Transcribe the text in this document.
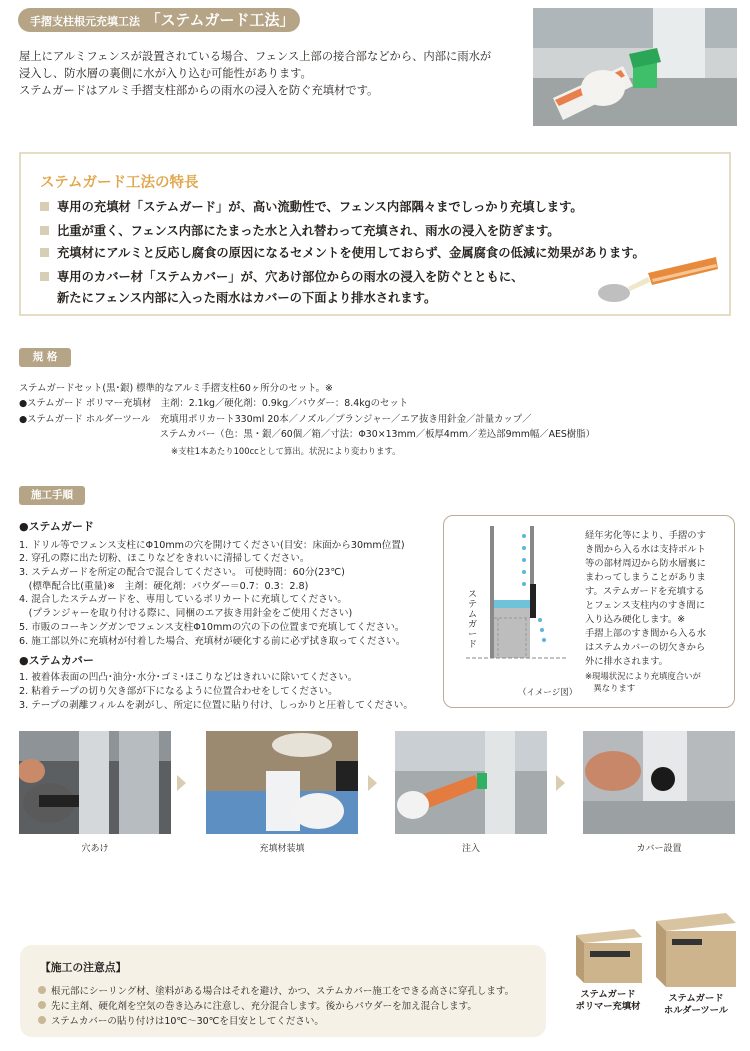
手摺支柱根元充填工法 「ステムガード工法」
屋上にアルミフェンスが設置されている場合、フェンス上部の接合部などから、内部に雨水が
浸入し、防水層の裏側に水が入り込む可能性があります。
ステムガードはアルミ手摺支柱部からの雨水の浸入を防ぐ充填材です。
ステムガード工法の特長
専用の充填材「ステムガード」が、高い流動性で、フェンス内部隅々までしっかり充填します。
比重が重く、フェンス内部にたまった水と入れ替わって充填され、雨水の浸入を防ぎます。
充填材にアルミと反応し腐食の原因になるセメントを使用しておらず、金属腐食の低減に効果があります。
専用のカバー材「ステムカバー」が、穴あけ部位からの雨水の浸入を防ぐとともに、
新たにフェンス内部に入った雨水はカバーの下面より排水されます。
規 格
ステムガードセット(黒･銀) 標準的なアルミ手摺支柱60ヶ所分のセット。※
●ステムガード ポリマー充填材　主剤：2.1kg／硬化剤：0.9kg／パウダー：8.4kgのセット
●ステムガード ホルダーツール　充填用ポリカート330ml 20本／ノズル／プランジャー／エア抜き用針金／計量カップ／
　　　　　　　　　　　　　　　ステムカバー（色：黒・銀／60個／箱／寸法：Φ30×13mm／板厚4mm／差込部9mm幅／AES樹脂）
※支柱1本あたり100ccとして算出。状況により変わります。
施工手順
●ステムガード
1. ドリル等でフェンス支柱にΦ10mmの穴を開けてください(目安：床面から30mm位置)
2. 穿孔の際に出た切粉、ほこりなどをきれいに清掃してください。
3. ステムガードを所定の配合で混合してください。 可使時間：60分(23℃)
　(標準配合比(重量)※　主剤：硬化剤：パウダー＝0.7：0.3：2.8)
4. 混合したステムガードを、専用しているポリカートに充填してください。
　(プランジャーを取り付ける際に、同梱のエア抜き用針金をご使用ください)
5. 市販のコーキングガンでフェンス支柱Φ10mmの穴の下の位置まで充填してください。
6. 施工部以外に充填材が付着した場合、充填材が硬化する前に必ず拭き取ってください。
●ステムカバー
1. 被着体表面の凹凸･油分･水分･ゴミ･ほこりなどはきれいに除いてください。
2. 粘着テープの切り欠き部が下になるように位置合わせをしてください。
3. テープの剥離フィルムを剥がし、所定に位置に貼り付け、しっかりと圧着してください。
ステムガード
（イメージ図）
経年劣化等により、手摺のす
き間から入る水は支持ボルト
等の部材周辺から防水層裏に
まわってしまうことがありま
す。ステムガードを充填する
とフェンス支柱内のすき間に
入り込み硬化します。※
手摺上部のすき間から入る水
はステムカバーの切欠きから
外に排水されます。
※現場状況により充填度合いが
　異なります
穴あけ	充填材装填	注入	カバー設置
【施工の注意点】
根元部にシーリング材、塗料がある場合はそれを避け、かつ、ステムカバー施工をできる高さに穿孔します。
先に主剤、硬化剤を空気の巻き込みに注意し、充分混合します。後からパウダーを加え混合します。
ステムカバーの貼り付けは10℃～30℃を目安としてください。
ステムガード
ポリマー充填材
ステムガード
ホルダーツール
